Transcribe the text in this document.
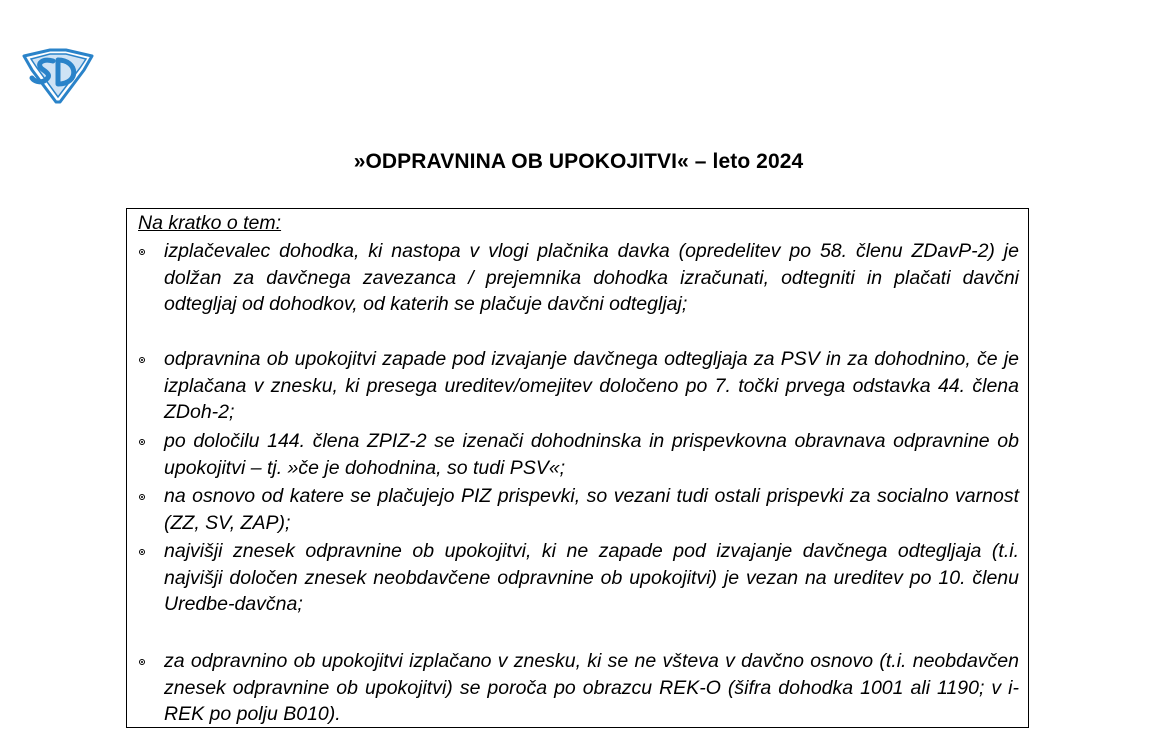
»ODPRAVNINA OB UPOKOJITVI« – leto 2024
Na kratko o tem:
izplačevalec dohodka, ki nastopa v vlogi plačnika davka (opredelitev po 58. členu ZDavP-2) je dolžan za davčnega zavezanca / prejemnika dohodka izračunati, odtegniti in plačati davčni odtegljaj od dohodkov, od katerih se plačuje davčni odtegljaj;
odpravnina ob upokojitvi zapade pod izvajanje davčnega odtegljaja za PSV in za dohodnino, če je izplačana v znesku, ki presega ureditev/omejitev določeno po 7. točki prvega odstavka 44. člena ZDoh-2;
po določilu 144. člena ZPIZ-2 se izenači dohodninska in prispevkovna obravnava odpravnine ob upokojitvi – tj. »če je dohodnina, so tudi PSV«;
na osnovo od katere se plačujejo PIZ prispevki, so vezani tudi ostali prispevki za socialno varnost (ZZ, SV, ZAP);
najvišji znesek odpravnine ob upokojitvi, ki ne zapade pod izvajanje davčnega odtegljaja (t.i. najvišji določen znesek neobdavčene odpravnine ob upokojitvi) je vezan na ureditev po 10. členu Uredbe-davčna;
za odpravnino ob upokojitvi izplačano v znesku, ki se ne všteva v davčno osnovo (t.i. neobdavčen znesek odpravnine ob upokojitvi) se poroča po obrazcu REK-O (šifra dohodka 1001 ali 1190; v i-REK po polju B010).
